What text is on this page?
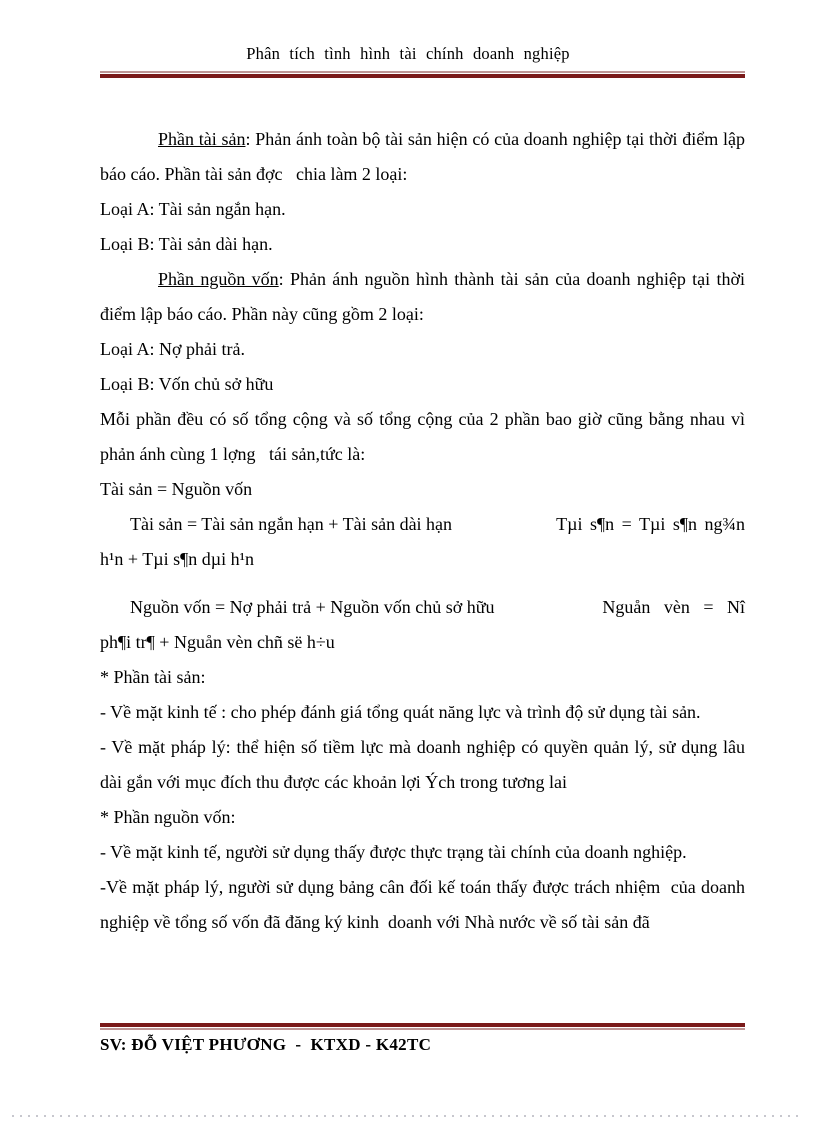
Phân tích tình hình tài chính doanh nghiệp

Phần tài sản: Phản ánh toàn bộ tài sản hiện có của doanh nghiệp tại thời điểm lập báo cáo. Phần tài sản đợc   chia làm 2 loại:

Loại A: Tài sản ngắn hạn.

Loại B: Tài sản dài hạn.

Phần nguồn vốn: Phản ánh nguồn hình thành tài sản của doanh nghiệp tại thời điểm lập báo cáo. Phần này cũng gồm 2 loại:

Loại A: Nợ phải trả.

Loại B: Vốn chủ sở hữu

Mỗi phần đều có số tổng cộng và số tổng cộng của 2 phần bao giờ cũng bằng nhau vì phản ánh cùng 1 lợng   tái sản,tức là:

Tài sản = Nguồn vốn

Tài sản = Tài sản ngắn hạn + Tài sản dài hạn	Tµi s¶n = Tµi s¶n ng¾n
h¹n + Tµi s¶n dµi h¹n
Nguồn vốn = Nợ phải trả + Nguồn vốn chủ sở hữu	Nguån vèn = Nî
ph¶i tr¶ + Nguån vèn chñ së h÷u

* Phần tài sản:

- Về mặt kinh tế : cho phép đánh giá tổng quát năng lực và trình độ sử dụng tài sản.

- Về mặt pháp lý: thể hiện số tiềm lực mà doanh nghiệp có quyền quản lý, sử dụng lâu dài gắn với mục đích thu được các khoản lợi Ých trong tương lai

* Phần nguồn vốn:

- Về mặt kinh tế, người sử dụng thấy được thực trạng tài chính của doanh nghiệp.

-Về mặt pháp lý, người sử dụng bảng cân đối kế toán thấy được trách nhiệm  của doanh nghiệp về tổng số vốn đã đăng ký kinh  doanh với Nhà nước về số tài sản đã

SV: ĐỖ VIỆT PHƯƠNG  -  KTXD - K42TC
